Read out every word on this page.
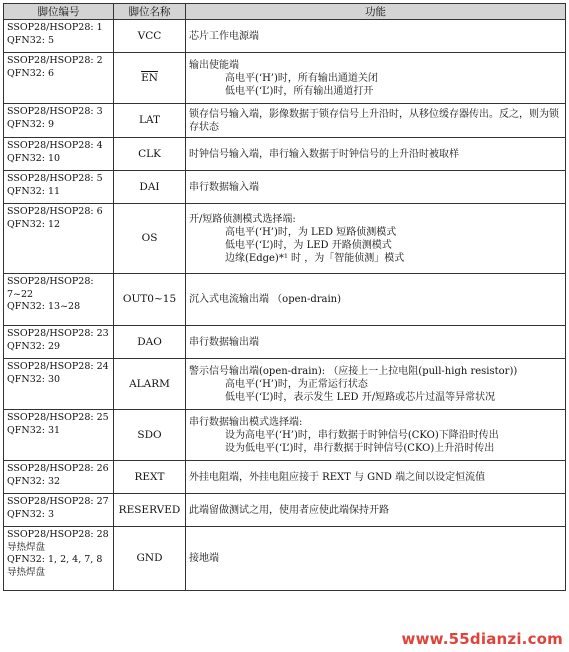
脚位编号	脚位名称	功能

SSOP28/HSOP28: 1
QFN32: 5	VCC	芯片工作电源端

SSOP28/HSOP28: 2
QFN32: 6	$\overline{EN}$	输出使能端
高电平(‘H’)时，所有输出通道关闭
低电平(‘L’)时，所有输出通道打开

SSOP28/HSOP28: 3
QFN32: 9	LAT	锁存信号输入端，影像数据于锁存信号上升沿时，从移位缓存器传出。反之，则为锁存状态

SSOP28/HSOP28: 4
QFN32: 10	CLK	时钟信号输入端，串行输入数据于时钟信号的上升沿时被取样

SSOP28/HSOP28: 5
QFN32: 11	DAI	串行数据输入端

SSOP28/HSOP28: 6
QFN32: 12	OS	开/短路侦测模式选择端:
高电平(‘H’)时，为 LED 短路侦测模式
低电平(‘L’)时，为 LED 开路侦测模式
边缘(Edge)*¹ 时 ，为「智能侦测」模式

SSOP28/HSOP28:
7~22
QFN32: 13~28	OUT0~15	沉入式电流输出端 （open-drain)

SSOP28/HSOP28: 23
QFN32: 29	DAO	串行数据输出端

SSOP28/HSOP28: 24
QFN32: 30	ALARM	警示信号输出端(open-drain): （应接上一上拉电阻(pull-high resistor))
高电平(‘H’)时，为正常运行状态
低电平(‘L’)时，表示发生 LED 开/短路或芯片过温等异常状况

SSOP28/HSOP28: 25
QFN32: 31	SDO	串行数据输出模式选择端:
设为高电平(‘H’)时，串行数据于时钟信号(CKO)下降沿时传出
设为低电平(‘L’)时，串行数据于时钟信号(CKO)上升沿时传出

SSOP28/HSOP28: 26
QFN32: 32	REXT	外挂电阻端，外挂电阻应接于 REXT 与 GND 端之间以设定恒流值

SSOP28/HSOP28: 27
QFN32: 3	RESERVED	此端留做测试之用，使用者应使此端保持开路

SSOP28/HSOP28: 28
导热焊盘
QFN32: 1, 2, 4, 7, 8
导热焊盘	GND	接地端
www.55dianzi.com
